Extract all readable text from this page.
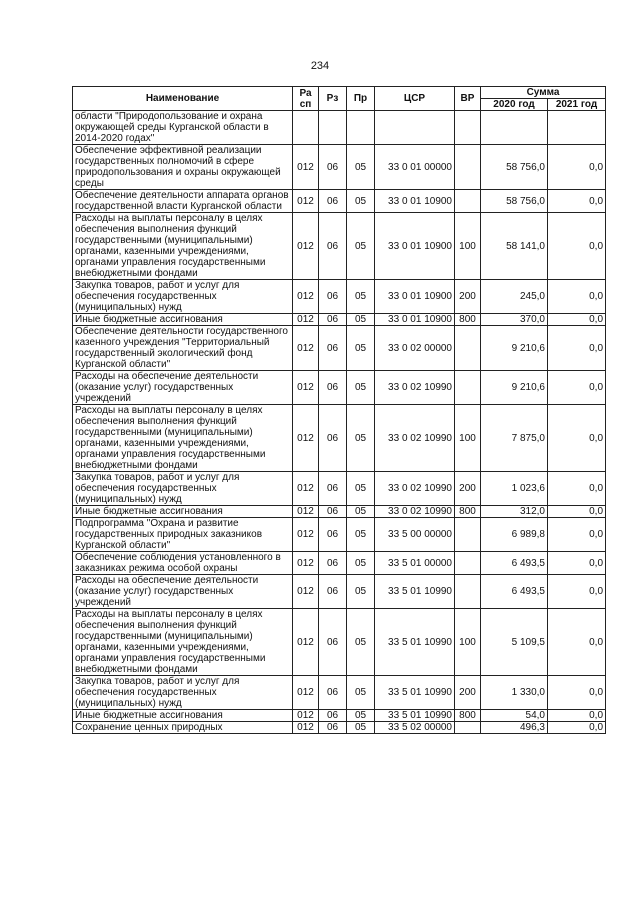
234
Наименование	Ра сп	Рз	Пр	ЦСР	ВР	Сумма	
						2020 год	2021 год
области "Природопользование и охрана окружающей среды Курганской области в 2014-2020 годах"							
Обеспечение эффективной реализации государственных полномочий в сфере природопользования и охраны окружающей среды	012	06	05	33 0 01 00000		58 756,0	0,0
Обеспечение деятельности аппарата органов государственной власти Курганской области	012	06	05	33 0 01 10900		58 756,0	0,0
Расходы на выплаты персоналу в целях обеспечения выполнения функций государственными (муниципальными) органами, казенными учреждениями, органами управления государственными внебюджетными фондами	012	06	05	33 0 01 10900	100	58 141,0	0,0
Закупка товаров, работ и услуг для обеспечения государственных (муниципальных) нужд	012	06	05	33 0 01 10900	200	245,0	0,0
Иные бюджетные ассигнования	012	06	05	33 0 01 10900	800	370,0	0,0
Обеспечение деятельности государственного казенного учреждения "Территориальный государственный экологический фонд Курганской области"	012	06	05	33 0 02 00000		9 210,6	0,0
Расходы на обеспечение деятельности (оказание услуг) государственных учреждений	012	06	05	33 0 02 10990		9 210,6	0,0
Расходы на выплаты персоналу в целях обеспечения выполнения функций государственными (муниципальными) органами, казенными учреждениями, органами управления государственными внебюджетными фондами	012	06	05	33 0 02 10990	100	7 875,0	0,0
Закупка товаров, работ и услуг для обеспечения государственных (муниципальных) нужд	012	06	05	33 0 02 10990	200	1 023,6	0,0
Иные бюджетные ассигнования	012	06	05	33 0 02 10990	800	312,0	0,0
Подпрограмма "Охрана и развитие государственных природных заказников Курганской области"	012	06	05	33 5 00 00000		6 989,8	0,0
Обеспечение соблюдения установленного в заказниках режима особой охраны	012	06	05	33 5 01 00000		6 493,5	0,0
Расходы на обеспечение деятельности (оказание услуг) государственных учреждений	012	06	05	33 5 01 10990		6 493,5	0,0
Расходы на выплаты персоналу в целях обеспечения выполнения функций государственными (муниципальными) органами, казенными учреждениями, органами управления государственными внебюджетными фондами	012	06	05	33 5 01 10990	100	5 109,5	0,0
Закупка товаров, работ и услуг для обеспечения государственных (муниципальных) нужд	012	06	05	33 5 01 10990	200	1 330,0	0,0
Иные бюджетные ассигнования	012	06	05	33 5 01 10990	800	54,0	0,0
Сохранение ценных природных	012	06	05	33 5 02 00000		496,3	0,0
